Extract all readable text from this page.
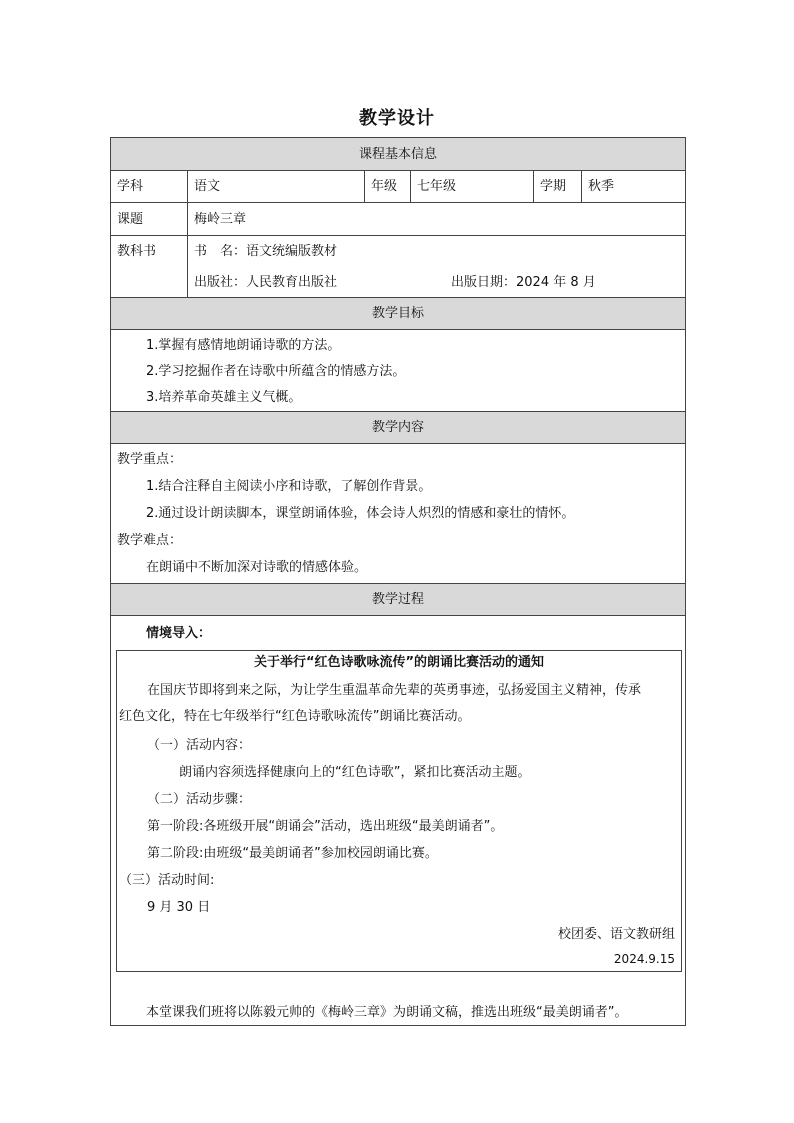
教学设计
课程基本信息
学科	语文	年级	七年级	学期	秋季
课题	梅岭三章
教科书	书　名：语文统编版教材
出版社：人民教育出版社	出版日期：2024 年 8 月
教学目标
1.掌握有感情地朗诵诗歌的方法。
2.学习挖掘作者在诗歌中所蕴含的情感方法。
3.培养革命英雄主义气概。
教学内容
教学重点：
1.结合注释自主阅读小序和诗歌，了解创作背景。
2.通过设计朗读脚本，课堂朗诵体验，体会诗人炽烈的情感和豪壮的情怀。
教学难点：
在朗诵中不断加深对诗歌的情感体验。
教学过程
情境导入：
关于举行“红色诗歌咏流传”的朗诵比赛活动的通知
在国庆节即将到来之际，为让学生重温革命先辈的英勇事迹，弘扬爱国主义精神，传承
红色文化，特在七年级举行“红色诗歌咏流传”朗诵比赛活动。
（一）活动内容：
朗诵内容须选择健康向上的“红色诗歌”，紧扣比赛活动主题。
（二）活动步骤：
第一阶段:各班级开展“朗诵会”活动，选出班级“最美朗诵者”。
第二阶段:由班级“最美朗诵者”参加校园朗诵比赛。
（三）活动时间:
9 月 30 日
校团委、语文教研组
2024.9.15
本堂课我们班将以陈毅元帅的《梅岭三章》为朗诵文稿，推选出班级“最美朗诵者”。
